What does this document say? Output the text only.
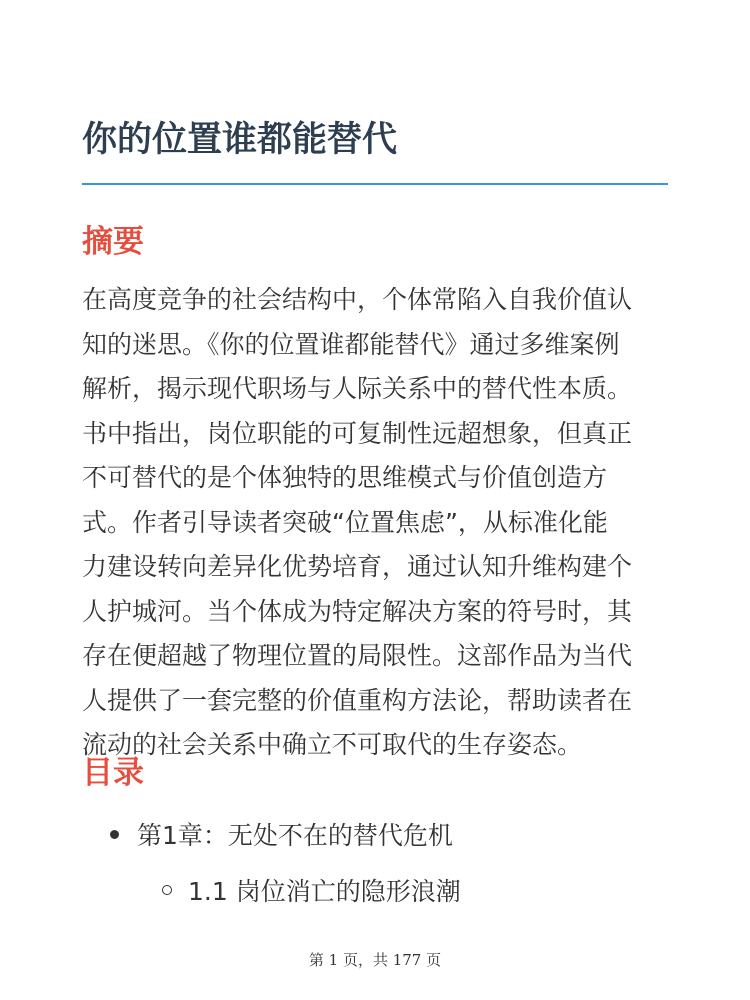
你的位置谁都能替代
摘要

在高度竞争的社会结构中，个体常陷入自我价值认
知的迷思。《你的位置谁都能替代》通过多维案例
解析，揭示现代职场与人际关系中的替代性本质。
书中指出，岗位职能的可复制性远超想象，但真正
不可替代的是个体独特的思维模式与价值创造方
式。作者引导读者突破“位置焦虑”，从标准化能
力建设转向差异化优势培育，通过认知升维构建个
人护城河。当个体成为特定解决方案的符号时，其
存在便超越了物理位置的局限性。这部作品为当代
人提供了一套完整的价值重构方法论，帮助读者在
流动的社会关系中确立不可取代的生存姿态。

目录
第1章：无处不在的替代危机
1.1 岗位消亡的隐形浪潮
第 1 页，共 177 页
